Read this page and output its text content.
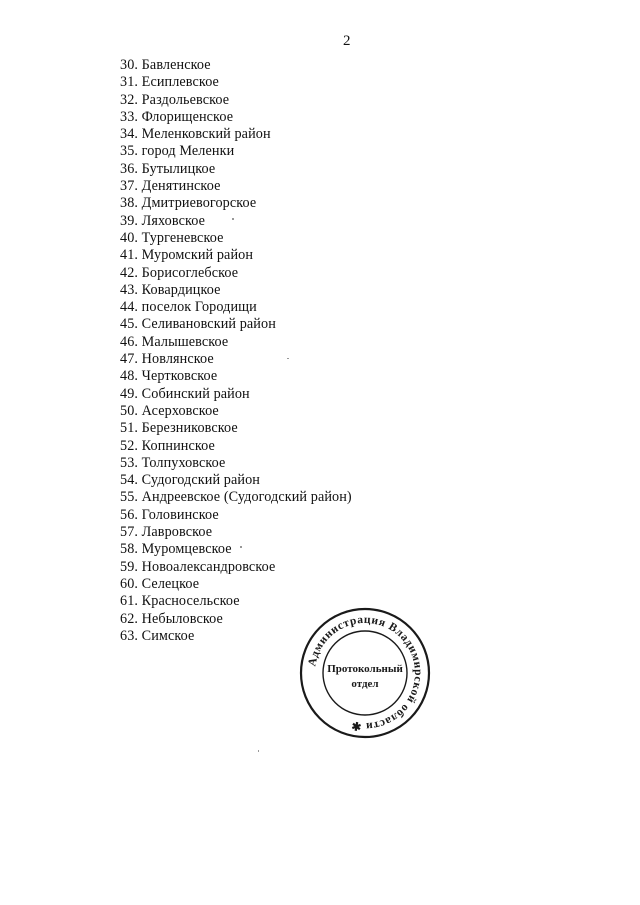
2
30. Бавленское
31. Есиплевское
32. Раздольевское
33. Флорищенское
34. Меленковский район
35. город Меленки
36. Бутылицкое
37. Денятинское
38. Дмитриевогорское
39. Ляховское
40. Тургеневское
41. Муромский район
42. Борисоглебское
43. Ковардицкое
44. поселок Городищи
45. Селивановский район
46. Малышевское
47. Новлянское
48. Чертковское
49. Собинский район
50. Асерховское
51. Березниковское
52. Копнинское
53. Толпуховское
54. Судогодский район
55. Андреевское (Судогодский район)
56. Головинское
57. Лавровское
58. Муромцевское
59. Новоалександровское
60. Селецкое
61. Красносельское
62. Небыловское
63. Симское
Администрация Владимирской области ✱
Протокольный
отдел
